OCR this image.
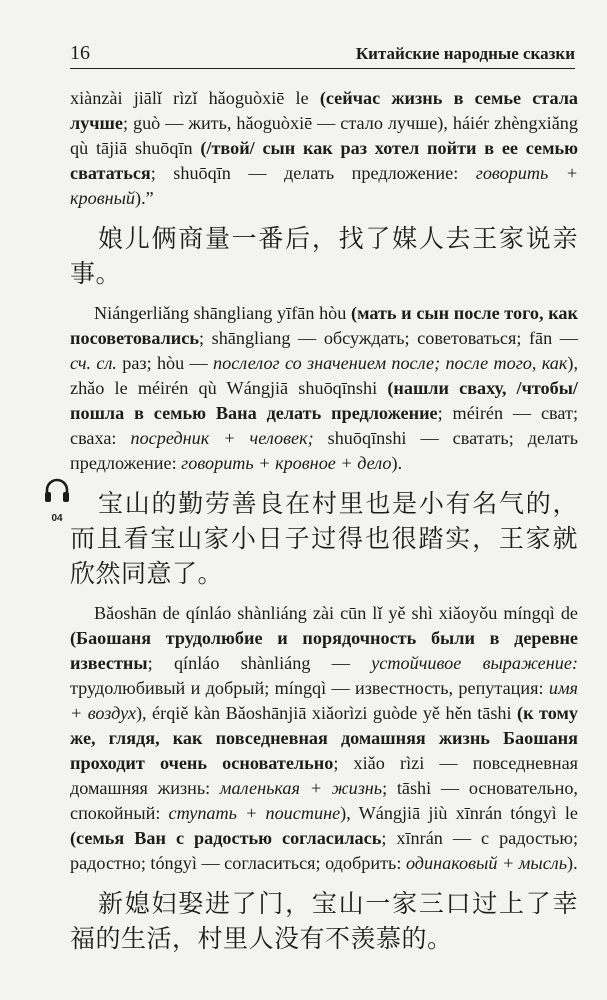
16	Китайские народные сказки
04

xiànzài jiālǐ rìzǐ hǎoguòxiē le (сейчас жизнь в семье стала лучше; guò — жить, hǎoguòxiē — стало лучше), háiér zhèngxiǎng qù tājiā shuōqīn (/твой/ сын как раз хотел пойти в ее семью свататься; shuōqīn — делать предложение: говорить + кровный).”

娘儿俩商量一番后，找了媒人去王家说亲事。

Niángerliǎng shāngliang yīfān hòu (мать и сын после того, как посоветовались; shāngliang — обсуждать; советоваться; fān — сч. сл. раз; hòu — послелог со значением после; после того, как), zhǎo le méirén qù Wángjiā shuōqīnshi (нашли сваху, /чтобы/ пошла в семью Вана делать предложение; méirén — сват; сваха: посредник + человек; shuōqīnshi — сватать; делать предложение: говорить + кровное + дело).

宝山的勤劳善良在村里也是小有名气的，而且看宝山家小日子过得也很踏实，王家就欣然同意了。

Bǎoshān de qínláo shànliáng zài cūn lǐ yě shì xiǎoyǒu míngqì de (Баошаня трудолюбие и порядочность были в деревне известны; qínláo shànliáng — устойчивое выражение: трудолюбивый и добрый; míngqì — известность, репутация: имя + воздух), érqiě kàn Bǎoshānjiā xiǎorìzi guòde yě hěn tāshi (к тому же, глядя, как повседневная домашняя жизнь Баошаня проходит очень основательно; xiǎo rìzi — повседневная домашняя жизнь: маленькая + жизнь; tāshi — основательно, спокойный: ступать + поистине), Wángjiā jiù xīnrán tóngyì le (семья Ван с радостью согласилась; xīnrán — с радостью; радостно; tóngyì — согласиться; одобрить: одинаковый + мысль).

新媳妇娶进了门，宝山一家三口过上了幸福的生活，村里人没有不羡慕的。
